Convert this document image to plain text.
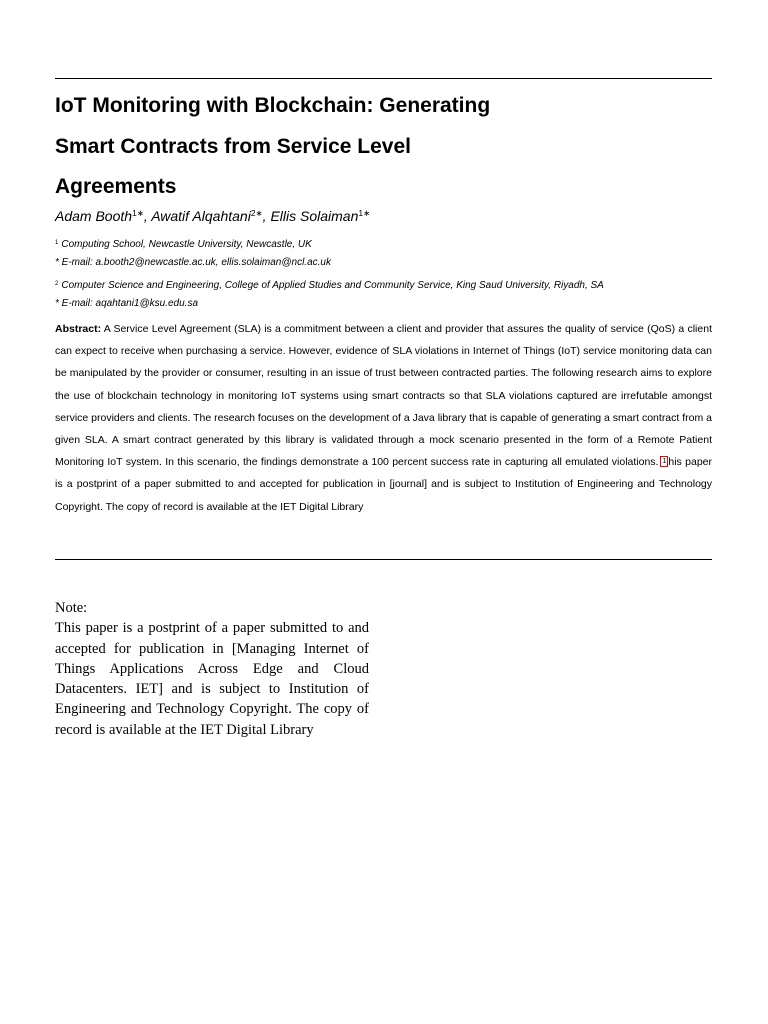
IoT Monitoring with Blockchain: Generating
Smart Contracts from Service Level
Agreements
Adam Booth$^{1∗}$, Awatif Alqahtani$^{2∗}$, Ellis Solaiman$^{1∗}$
$^1$ Computing School, Newcastle University, Newcastle, UK
* E-mail: a.booth2@newcastle.ac.uk, ellis.solaiman@ncl.ac.uk
$^2$ Computer Science and Engineering, College of Applied Studies and Community Service, King Saud University, Riyadh, SA
* E-mail: aqahtani1@ksu.edu.sa
Abstract: A Service Level Agreement (SLA) is a commitment between a client and provider that assures the quality of service (QoS) a client can expect to receive when purchasing a service. However, evidence of SLA violations in Internet of Things (IoT) service monitoring data can be manipulated by the provider or consumer, resulting in an issue of trust between contracted parties. The following research aims to explore the use of blockchain technology in monitoring IoT systems using smart contracts so that SLA violations captured are irrefutable amongst service providers and clients. The research focuses on the development of a Java library that is capable of generating a smart contract from a given SLA. A smart contract generated by this library is validated through a mock scenario presented in the form of a Remote Patient Monitoring IoT system. In this scenario, the findings demonstrate a 100 percent success rate in capturing all emulated violations. 1 his paper is a postprint of a paper submitted to and accepted for publication in [journal] and is subject to Institution of Engineering and Technology Copyright. The copy of record is available at the IET Digital Library
Note:
This paper is a postprint of a paper submitted to and accepted for publication in [Managing Internet of Things Applications Across Edge and Cloud Datacenters. IET] and is subject to Institution of Engineering and Technology Copyright. The copy of record is available at the IET Digital Library
